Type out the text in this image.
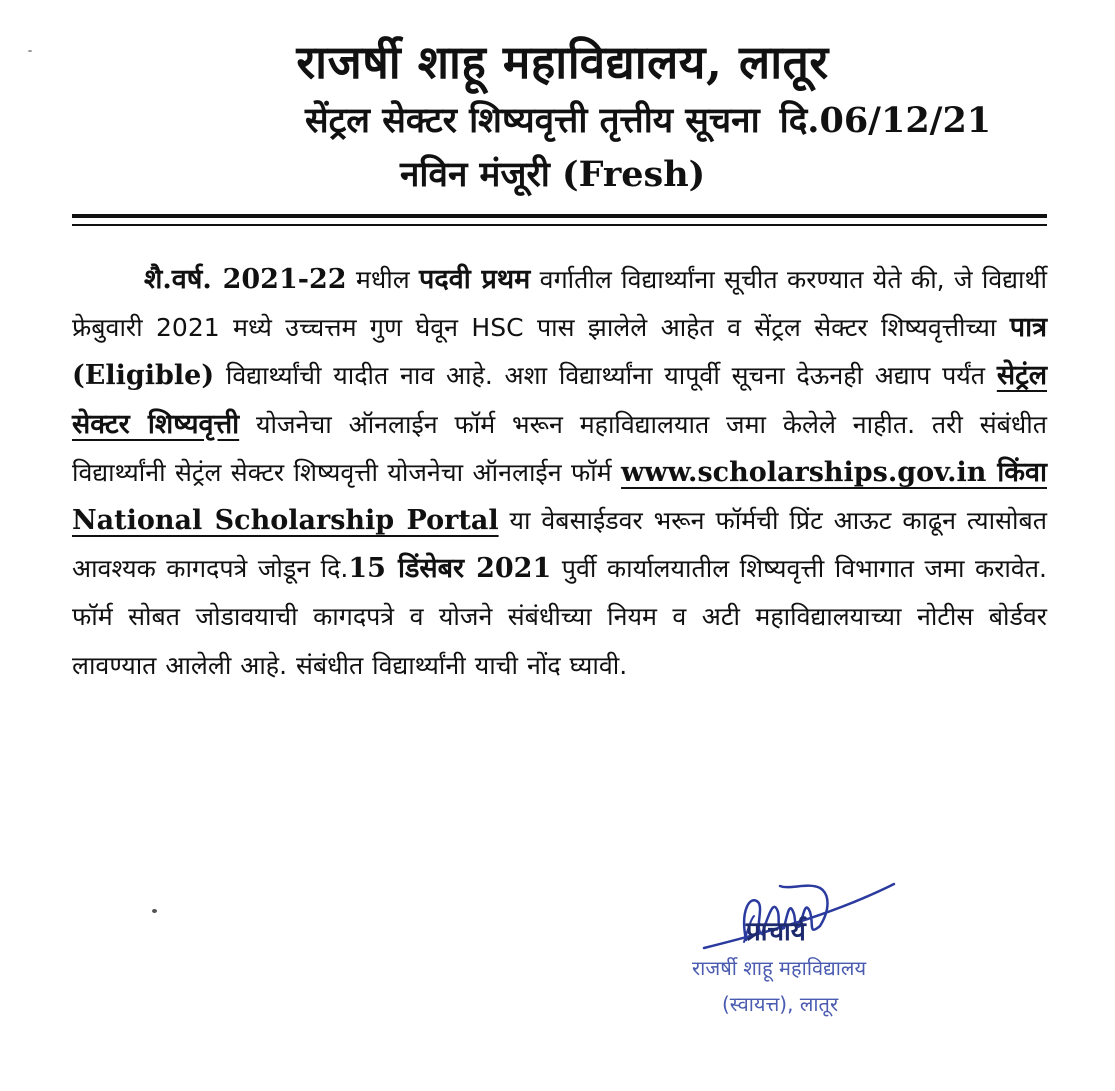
राजर्षी शाहू महाविद्यालय, लातूर
सेंट्रल सेक्टर शिष्यवृत्ती तृत्तीय सूचना दि.06/12/21
नविन मंजूरी (Fresh)
शै.वर्ष. 2021-22 मधील पदवी प्रथम वर्गातील विद्यार्थ्यांना सूचीत करण्यात येते की, जे विद्यार्थी फ्रेबुवारी 2021 मध्ये उच्चत्तम गुण घेवून HSC पास झालेले आहेत व सेंट्रल सेक्टर शिष्यवृत्तीच्या पात्र (Eligible) विद्यार्थ्यांची यादीत नाव आहे. अशा विद्यार्थ्यांना यापूर्वी सूचना देऊनही अद्याप पर्यंत सेट्रंल सेक्टर शिष्यवृत्ती योजनेचा ऑनलाईन फॉर्म भरून महाविद्यालयात जमा केलेले नाहीत. तरी संबंधीत विद्यार्थ्यांनी सेट्रंल सेक्टर शिष्यवृत्ती योजनेचा ऑनलाईन फॉर्म www.scholarships.gov.in किंवा National Scholarship Portal या वेबसाईडवर भरून फॉर्मची प्रिंट आऊट काढून त्यासोबत आवश्यक कागदपत्रे जोडून दि.15 डिंसेबर 2021 पुर्वी कार्यालयातील शिष्यवृत्ती विभागात जमा करावेत. फॉर्म सोबत जोडावयाची कागदपत्रे व योजने संबंधीच्या नियम व अटी महाविद्यालयाच्या नोटीस बोर्डवर लावण्यात आलेली आहे. संबंधीत विद्यार्थ्यांनी याची नोंद घ्यावी.
प्राचार्य
राजर्षी शाहू महाविद्यालय
(स्वायत्त), लातूर
